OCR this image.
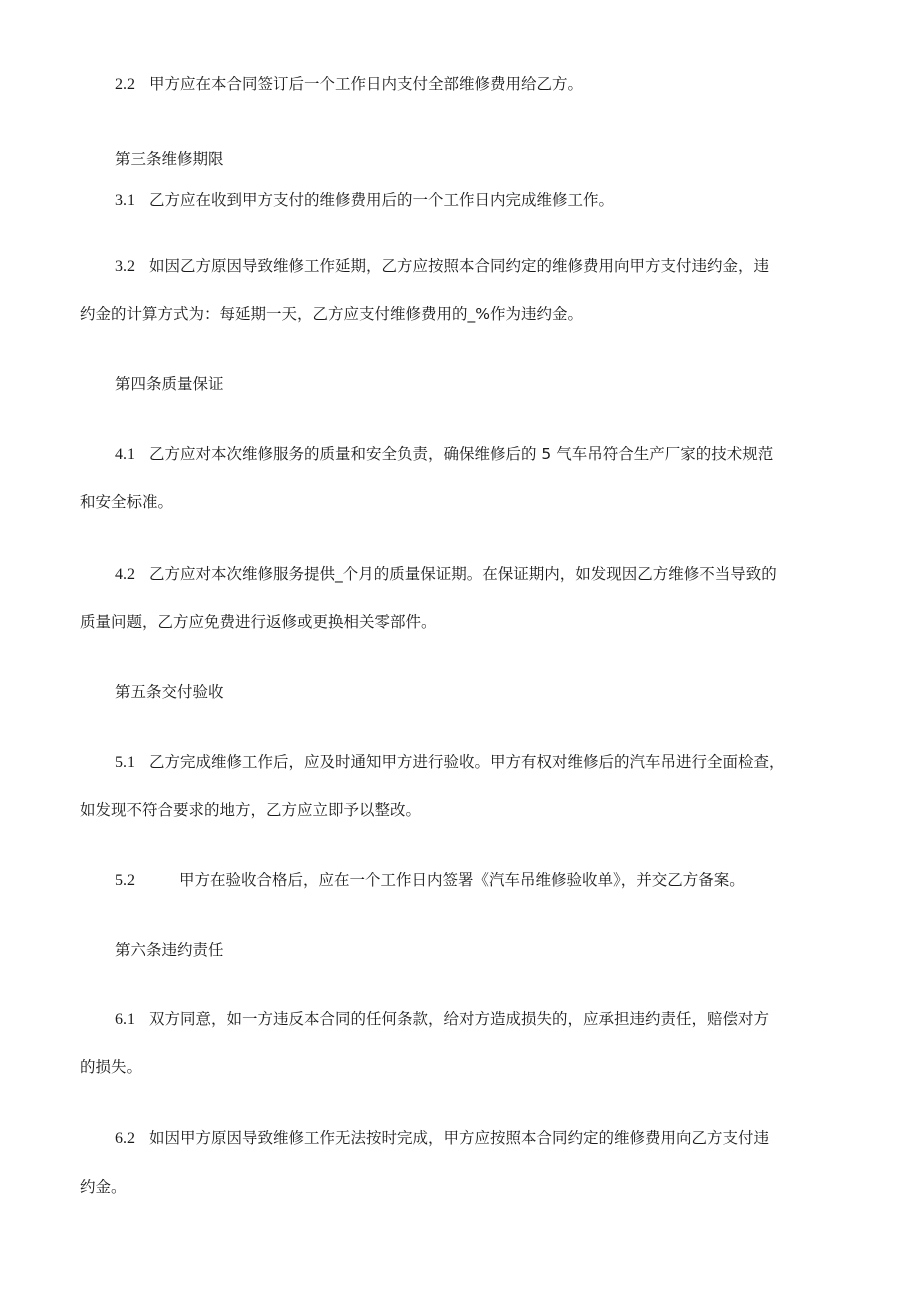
2.2 甲方应在本合同签订后一个工作日内支付全部维修费用给乙方。
第三条维修期限
3.1 乙方应在收到甲方支付的维修费用后的一个工作日内完成维修工作。
3.2 如因乙方原因导致维修工作延期，乙方应按照本合同约定的维修费用向甲方支付违约金，违
约金的计算方式为：每延期一天，乙方应支付维修费用的_%作为违约金。
第四条质量保证
4.1 乙方应对本次维修服务的质量和安全负责，确保维修后的 5 气车吊符合生产厂家的技术规范
和安全标准。
4.2 乙方应对本次维修服务提供_个月的质量保证期。在保证期内，如发现因乙方维修不当导致的
质量问题，乙方应免费进行返修或更换相关零部件。
第五条交付验收
5.1 乙方完成维修工作后，应及时通知甲方进行验收。甲方有权对维修后的汽车吊进行全面检查，
如发现不符合要求的地方，乙方应立即予以整改。
5.2	甲方在验收合格后，应在一个工作日内签署《汽车吊维修验收单》，并交乙方备案。
第六条违约责任
6.1 双方同意，如一方违反本合同的任何条款，给对方造成损失的，应承担违约责任，赔偿对方
的损失。
6.2 如因甲方原因导致维修工作无法按时完成，甲方应按照本合同约定的维修费用向乙方支付违
约金。
